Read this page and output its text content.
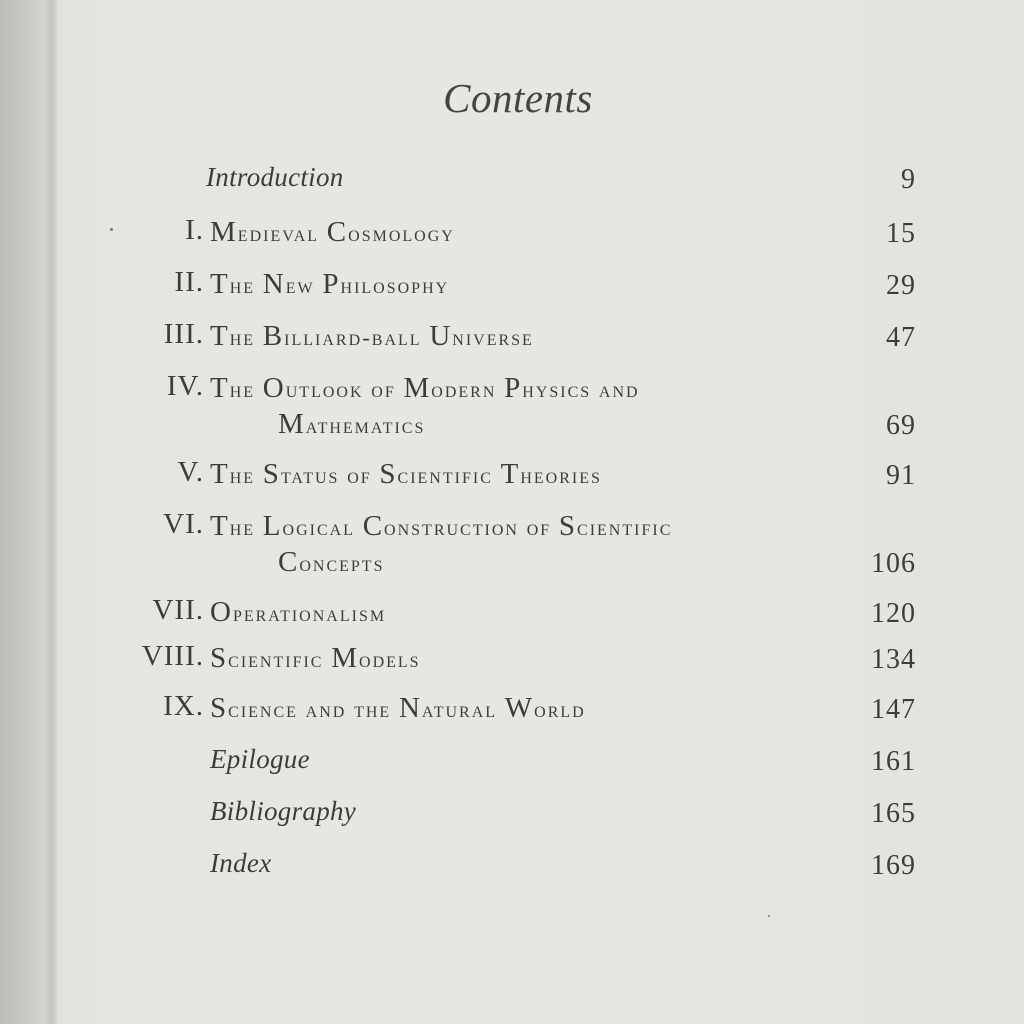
Contents
Introduction	9
I. Medieval Cosmology	15
II. The New Philosophy	29
III. The Billiard-ball Universe	47
IV. The Outlook of Modern Physics and
Mathematics	69
V. The Status of Scientific Theories	91
VI. The Logical Construction of Scientific
Concepts	106
VII. Operationalism	120
VIII. Scientific Models	134
IX. Science and the Natural World	147
Epilogue	161
Bibliography	165
Index	169
